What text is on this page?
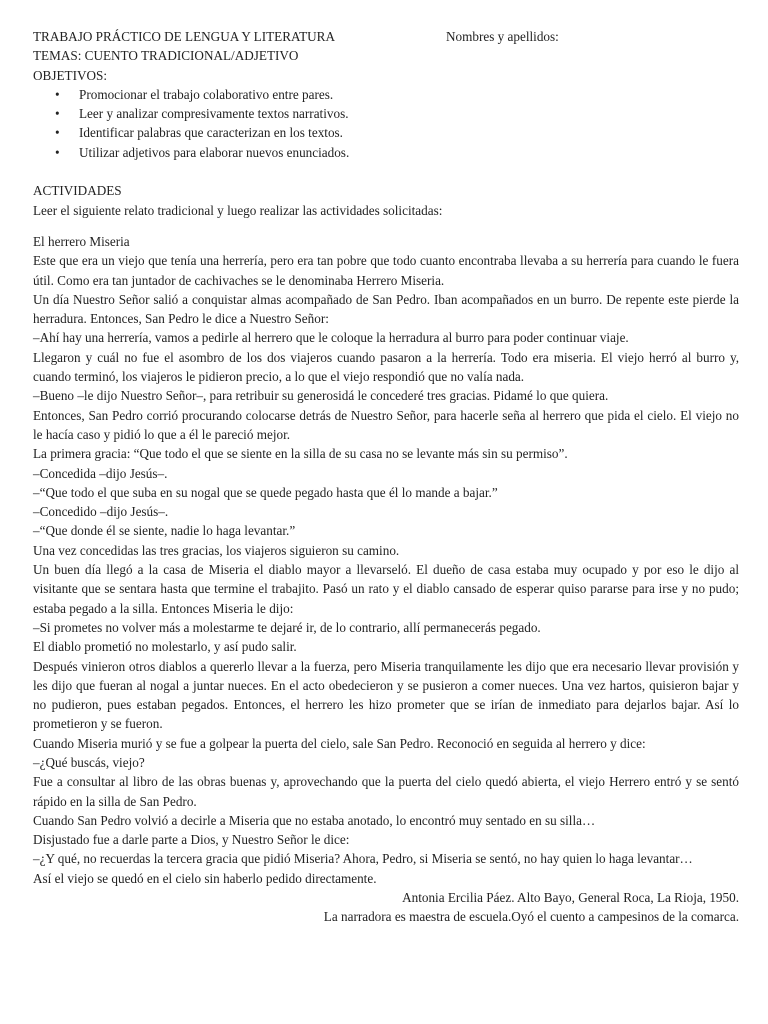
TRABAJO PRÁCTICO DE LENGUA Y LITERATURA	Nombres y apellidos:
TEMAS: CUENTO TRADICIONAL/ADJETIVO
OBJETIVOS:
• Promocionar el trabajo colaborativo entre pares.
• Leer y analizar compresivamente textos narrativos.
• Identificar palabras que caracterizan en los textos.
• Utilizar adjetivos para elaborar nuevos enunciados.
ACTIVIDADES
Leer el siguiente relato tradicional y luego realizar las actividades solicitadas:

El herrero Miseria

Este que era un viejo que tenía una herrería, pero era tan pobre que todo cuanto encontraba llevaba a su herrería para cuando le fuera útil. Como era tan juntador de cachivaches se le denominaba Herrero Miseria.

Un día Nuestro Señor salió a conquistar almas acompañado de San Pedro. Iban acompañados en un burro. De repente este pierde la herradura. Entonces, San Pedro le dice a Nuestro Señor:

–Ahí hay una herrería, vamos a pedirle al herrero que le coloque la herradura al burro para poder continuar viaje.

Llegaron y cuál no fue el asombro de los dos viajeros cuando pasaron a la herrería. Todo era miseria. El viejo herró al burro y, cuando terminó, los viajeros le pidieron precio, a lo que el viejo respondió que no valía nada.

–Bueno –le dijo Nuestro Señor–, para retribuir su generosidá le concederé tres gracias. Pidamé lo que quiera.

Entonces, San Pedro corrió procurando colocarse detrás de Nuestro Señor, para hacerle seña al herrero que pida el cielo. El viejo no le hacía caso y pidió lo que a él le pareció mejor.

La primera gracia: “Que todo el que se siente en la silla de su casa no se levante más sin su permiso”.

–Concedida –dijo Jesús–.

–“Que todo el que suba en su nogal que se quede pegado hasta que él lo mande a bajar.”

–Concedido –dijo Jesús–.

–“Que donde él se siente, nadie lo haga levantar.”

Una vez concedidas las tres gracias, los viajeros siguieron su camino.

Un buen día llegó a la casa de Miseria el diablo mayor a llevarseló. El dueño de casa estaba muy ocupado y por eso le dijo al visitante que se sentara hasta que termine el trabajito. Pasó un rato y el diablo cansado de esperar quiso pararse para irse y no pudo; estaba pegado a la silla. Entonces Miseria le dijo:

–Si prometes no volver más a molestarme te dejaré ir, de lo contrario, allí permanecerás pegado.

El diablo prometió no molestarlo, y así pudo salir.

Después vinieron otros diablos a quererlo llevar a la fuerza, pero Miseria tranquilamente les dijo que era necesario llevar provisión y les dijo que fueran al nogal a juntar nueces. En el acto obedecieron y se pusieron a comer nueces. Una vez hartos, quisieron bajar y no pudieron, pues estaban pegados. Entonces, el herrero les hizo prometer que se irían de inmediato para dejarlos bajar. Así lo prometieron y se fueron.

Cuando Miseria murió y se fue a golpear la puerta del cielo, sale San Pedro. Reconoció en seguida al herrero y dice:

–¿Qué buscás, viejo?

Fue a consultar al libro de las obras buenas y, aprovechando que la puerta del cielo quedó abierta, el viejo Herrero entró y se sentó rápido en la silla de San Pedro.

Cuando San Pedro volvió a decirle a Miseria que no estaba anotado, lo encontró muy sentado en su silla…

Disjustado fue a darle parte a Dios, y Nuestro Señor le dice:

–¿Y qué, no recuerdas la tercera gracia que pidió Miseria? Ahora, Pedro, si Miseria se sentó, no hay quien lo haga levantar…

Así el viejo se quedó en el cielo sin haberlo pedido directamente.

Antonia Ercilia Páez. Alto Bayo, General Roca, La Rioja, 1950.
La narradora es maestra de escuela.Oyó el cuento a campesinos de la comarca.
